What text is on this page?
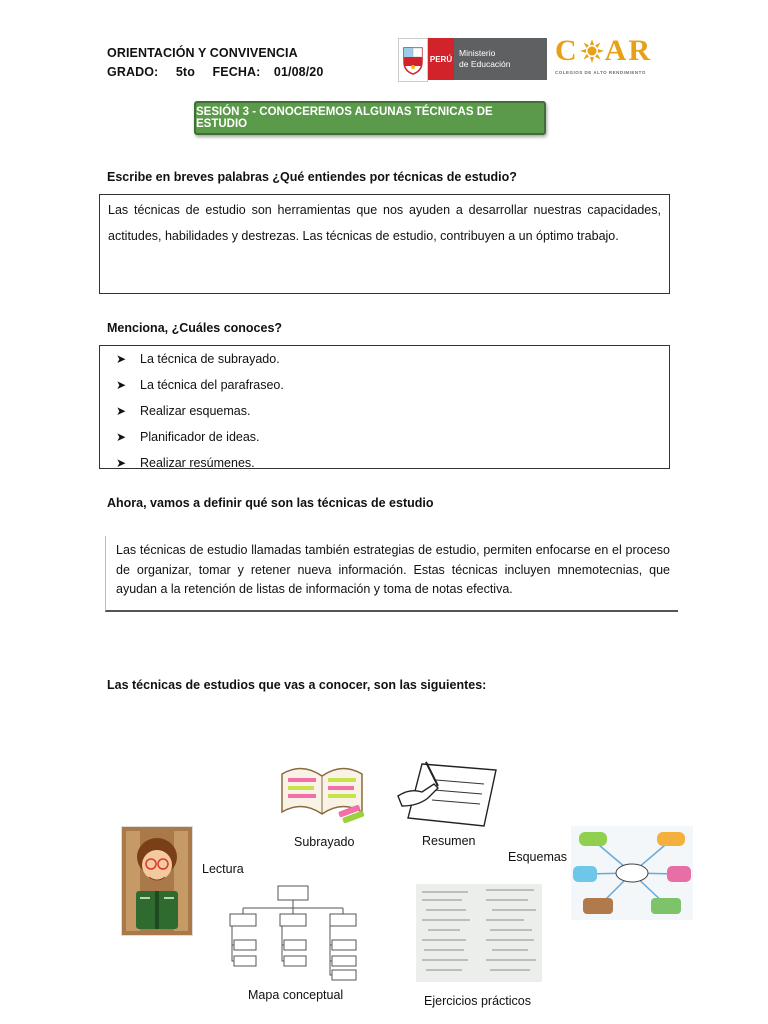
ORIENTACIÓN Y CONVIVENCIA
GRADO: 5to FECHA: 01/08/20
PERÚ
Ministerio
de Educación	C AR
COLEGIOS DE ALTO RENDIMIENTO
SESIÓN 3 - CONOCEREMOS ALGUNAS TÉCNICAS DE ESTUDIO
Escribe en breves palabras ¿Qué entiendes por técnicas de estudio?
Las técnicas de estudio son herramientas que nos ayuden a desarrollar nuestras capacidades, actitudes, habilidades y destrezas. Las técnicas de estudio, contribuyen a un óptimo trabajo.
Menciona, ¿Cuáles conoces?
➤	La técnica de subrayado.
➤	La técnica del parafraseo.
➤	Realizar esquemas.
➤	Planificador de ideas.
➤	Realizar resúmenes.
Ahora, vamos a definir qué son las técnicas de estudio
Las técnicas de estudio llamadas también estrategias de estudio, permiten enfocarse en el proceso de organizar, tomar y retener nueva información. Estas técnicas incluyen mnemotecnias, que ayudan a la retención de listas de información y toma de notas efectiva.
Las técnicas de estudios que vas a conocer, son las siguientes:
Lectura
Subrayado	Resumen
Esquemas
Mapa conceptual	Ejercicios prácticos
